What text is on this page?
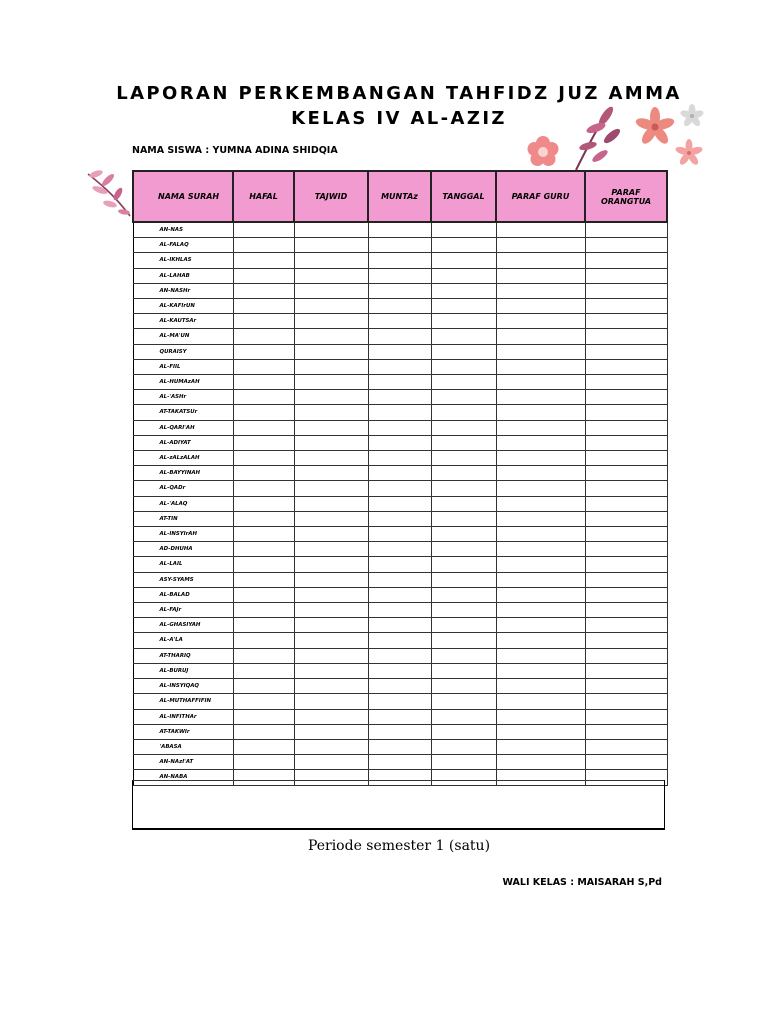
LAPORAN PERKEMBANGAN TAHFIDZ JUZ AMMA
KELAS IV AL-AZIZ
NAMA SISWA : YUMNA ADINA SHIDQIA
NAMA SURAH	HAFAL	TAJWID	MUNTAz	TANGGAL	PARAF GURU	PARAF ORANGTUA
AN-NAS						
AL-FALAQ						
AL-IKHLAS						
AL-LAHAB						
AN-NASHr						
AL-KAFIrUN						
AL-KAUTSAr						
AL-MA'UN						
QURAISY						
AL-FIIL						
AL-HUMAzAH						
AL-'ASHr						
AT-TAKATSUr						
AL-QARI'AH						
AL-ADIYAT						
AL-zALzALAH						
AL-BAYYINAH						
AL-QADr						
AL-'ALAQ						
AT-TIN						
AL-INSYIrAH						
AD-DHUHA						
AL-LAIL						
ASY-SYAMS						
AL-BALAD						
AL-FAJr						
AL-GHASIYAH						
AL-A'LA						
AT-THARIQ						
AL-BURUJ						
AL-INSYIQAQ						
AL-MUTHAFFIFIN						
AL-INFITHAr						
AT-TAKWIr						
'ABASA						
AN-NAzI'AT						
AN-NABA						
Periode semester 1 (satu)
WALI KELAS : MAISARAH S,Pd
